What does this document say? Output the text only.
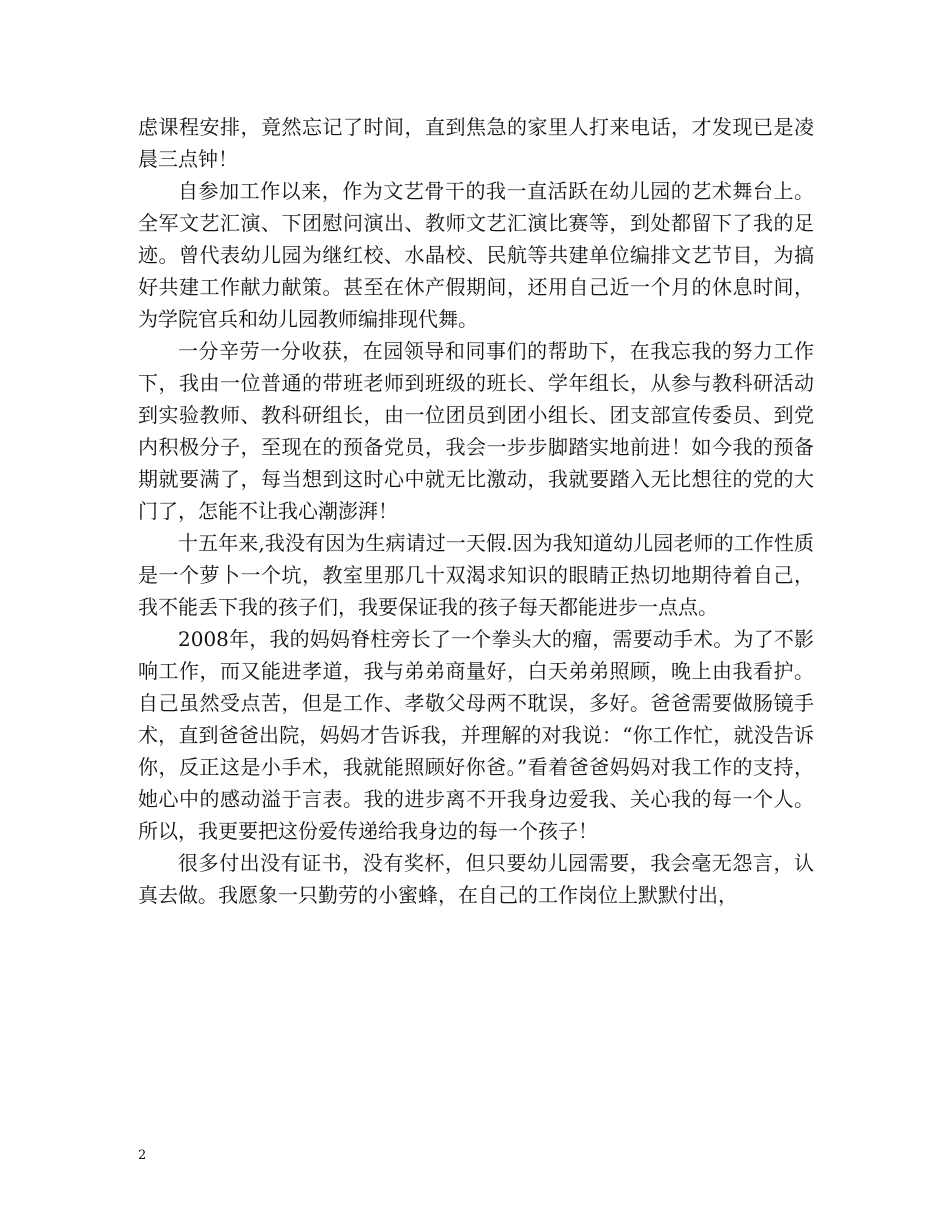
虑课程安排，竟然忘记了时间，直到焦急的家里人打来电话，才发现已是凌晨三点钟！

自参加工作以来，作为文艺骨干的我一直活跃在幼儿园的艺术舞台上。全军文艺汇演、下团慰问演出、教师文艺汇演比赛等，到处都留下了我的足迹。曾代表幼儿园为继红校、水晶校、民航等共建单位编排文艺节目，为搞好共建工作献力献策。甚至在休产假期间，还用自己近一个月的休息时间，为学院官兵和幼儿园教师编排现代舞。

一分辛劳一分收获，在园领导和同事们的帮助下，在我忘我的努力工作下，我由一位普通的带班老师到班级的班长、学年组长，从参与教科研活动到实验教师、教科研组长，由一位团员到团小组长、团支部宣传委员、到党内积极分子，至现在的预备党员，我会一步步脚踏实地前进！如今我的预备期就要满了，每当想到这时心中就无比激动，我就要踏入无比想往的党的大门了，怎能不让我心潮澎湃！

十五年来,我没有因为生病请过一天假.因为我知道幼儿园老师的工作性质是一个萝卜一个坑，教室里那几十双渴求知识的眼睛正热切地期待着自己，我不能丢下我的孩子们，我要保证我的孩子每天都能进步一点点。

2008年，我的妈妈脊柱旁长了一个拳头大的瘤，需要动手术。为了不影响工作，而又能进孝道，我与弟弟商量好，白天弟弟照顾，晚上由我看护。自己虽然受点苦，但是工作、孝敬父母两不耽误，多好。爸爸需要做肠镜手术，直到爸爸出院，妈妈才告诉我，并理解的对我说：“你工作忙，就没告诉你，反正这是小手术，我就能照顾好你爸。”看着爸爸妈妈对我工作的支持，她心中的感动溢于言表。我的进步离不开我身边爱我、关心我的每一个人。所以，我更要把这份爱传递给我身边的每一个孩子！

很多付出没有证书，没有奖杯，但只要幼儿园需要，我会毫无怨言，认真去做。我愿象一只勤劳的小蜜蜂，在自己的工作岗位上默默付出，

2
